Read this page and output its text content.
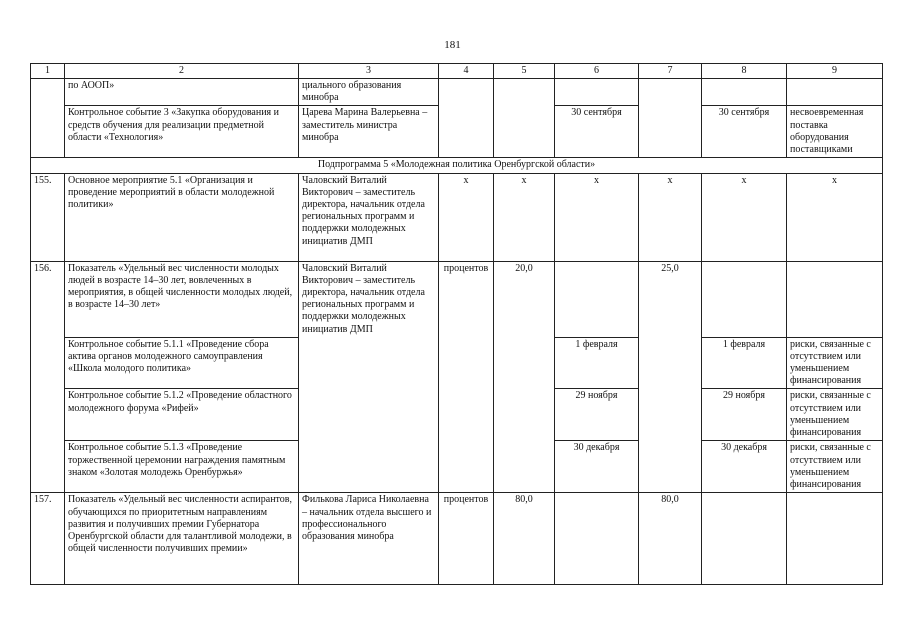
181
1	2	3	4	5	6	7	8	9
	по АООП»	циального образования минобра						
	Контрольное событие 3 «Закупка оборудования и средств обучения для реализации предметной области «Технология»	Царева Марина Валерьевна – заместитель министра минобра			30 сентября		30 сентября	несвоевременная поставка оборудования поставщиками
Подпрограмма 5 «Молодежная политика Оренбургской области»								
155.	Основное мероприятие 5.1 «Организация и проведение мероприятий в области молодежной политики»	Чаловский Виталий Викторович – заместитель директора, начальник отдела региональных программ и поддержки молодежных инициатив ДМП	х	х	х	х	х	х
156.	Показатель «Удельный вес численности молодых людей в возрасте 14–30 лет, вовлеченных в мероприятия, в общей численности молодых людей, в возрасте 14–30 лет»	Чаловский Виталий Викторович – заместитель директора, начальник отдела региональных программ и поддержки молодежных инициатив ДМП	процентов	20,0		25,0		
	Контрольное событие 5.1.1 «Проведение сбора актива органов молодежного самоуправления «Школа молодого политика»				1 февраля		1 февраля	риски, связанные с отсутствием или уменьшением финансирования
	Контрольное событие 5.1.2 «Проведение областного молодежного форума «Рифей»				29 ноября		29 ноября	риски, связанные с отсутствием или уменьшением финансирования
	Контрольное событие 5.1.3 «Проведение торжественной церемонии награждения памятным знаком «Золотая молодежь Оренбуржья»				30 декабря		30 декабря	риски, связанные с отсутствием или уменьшением финансирования
157.	Показатель «Удельный вес численности аспирантов, обучающихся по приоритетным направлениям развития и получивших премии Губернатора Оренбургской области для талантливой молодежи, в общей численности получивших премии»	Филькова Лариса Николаевна – начальник отдела высшего и профессионального образования минобра	процентов	80,0		80,0		
